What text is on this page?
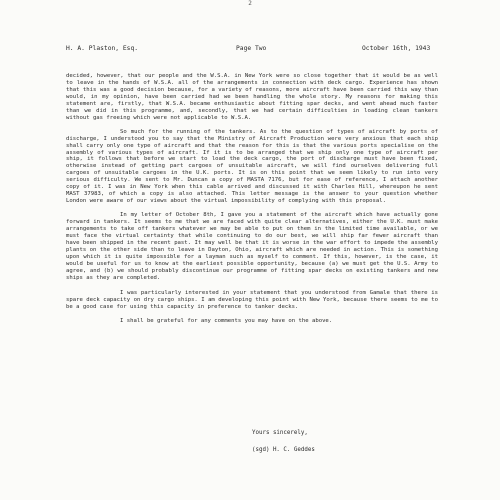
2
H. A. Plaston, Esq.	Page Two	October 16th, 1943

decided, however, that our people and the W.S.A. in New York were so close together that it would be as well to leave in the hands of W.S.A. all of the arrangements in connection with deck cargo. Experience has shown that this was a good decision because, for a variety of reasons, more aircraft have been carried this way than would, in my opinion, have been carried had we been handling the whole story. My reasons for making this statement are, firstly, that W.S.A. became enthusiastic about fitting spar decks, and went ahead much faster than we did in this programme, and, secondly, that we had certain difficulties in loading clean tankers without gas freeing which were not applicable to W.S.A.

So much for the running of the tankers. As to the question of types of aircraft by ports of discharge, I understood you to say that the Ministry of Aircraft Production were very anxious that each ship shall carry only one type of aircraft and that the reason for this is that the various ports specialise on the assembly of various types of aircraft. If it is to be arranged that we ship only one type of aircraft per ship, it follows that before we start to load the deck cargo, the port of discharge must have been fixed, otherwise instead of getting part cargoes of unsuitable aircraft, we will find ourselves delivering full cargoes of unsuitable cargoes in the U.K. ports. It is on this point that we seem likely to run into very serious difficulty. We sent to Mr. Duncan a copy of MASTA 7176, but for ease of reference, I attach another copy of it. I was in New York when this cable arrived and discussed it with Charles Hill, whereupon he sent MAST 37983, of which a copy is also attached. This letter message is the answer to your question whether London were aware of our views about the virtual impossibility of complying with this proposal.

In my letter of October 8th, I gave you a statement of the aircraft which have actually gone forward in tankers. It seems to me that we are faced with quite clear alternatives, either the U.K. must make arrangements to take off tankers whatever we may be able to put on them in the limited time available, or we must face the virtual certainty that while continuing to do our best, we will ship far fewer aircraft than have been shipped in the recent past. It may well be that it is worse in the war effort to impede the assembly plants on the other side than to leave in Dayton, Ohio, aircraft which are needed in action. This is something upon which it is quite impossible for a layman such as myself to comment. If this, however, is the case, it would be useful for us to know at the earliest possible opportunity, because (a) we must get the U.S. Army to agree, and (b) we should probably discontinue our programme of fitting spar decks on existing tankers and new ships as they are completed.

I was particularly interested in your statement that you understood from Gamale that there is spare deck capacity on dry cargo ships. I am developing this point with New York, because there seems to me to be a good case for using this capacity in preference to tanker decks.

I shall be grateful for any comments you may have on the above.

Yours sincerely,
(sgd) H. C. Geddes
